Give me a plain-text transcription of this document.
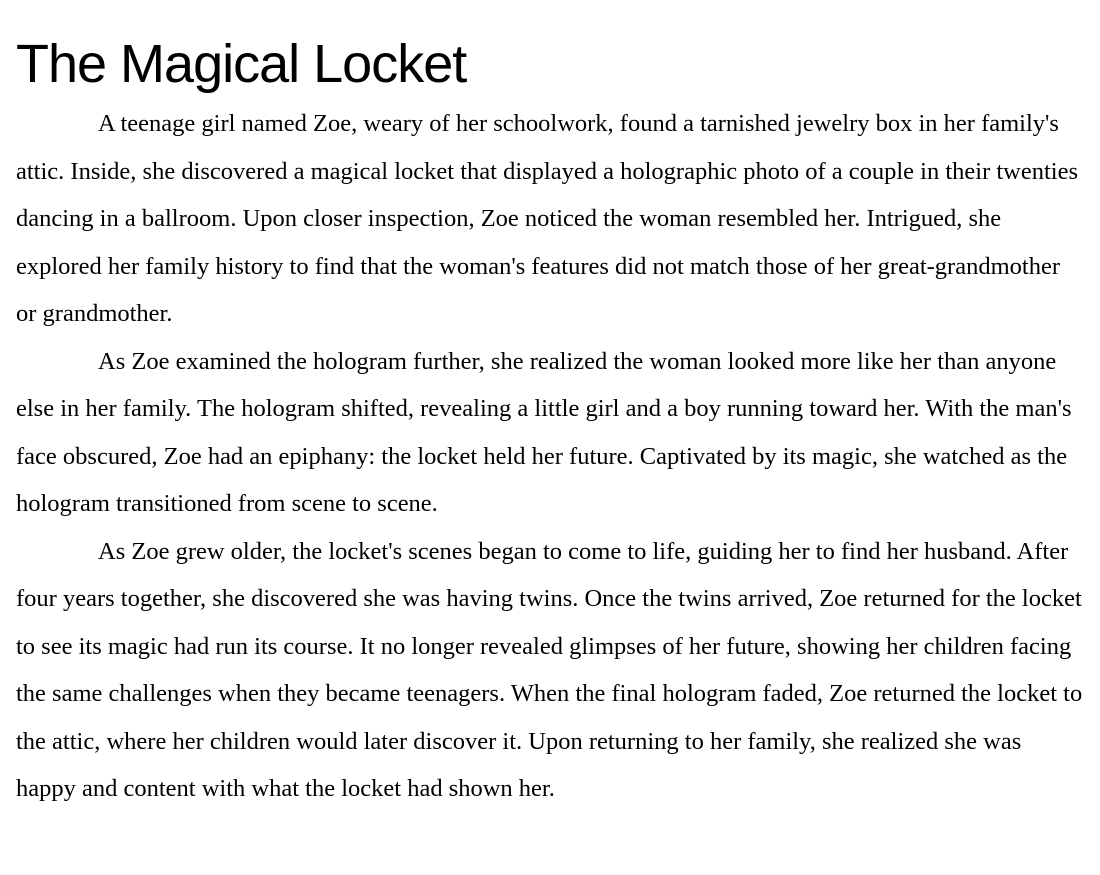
The Magical Locket

A teenage girl named Zoe, weary of her schoolwork, found a tarnished jewelry box in her family's attic. Inside, she discovered a magical locket that displayed a holographic photo of a couple in their twenties dancing in a ballroom. Upon closer inspection, Zoe noticed the woman resembled her. Intrigued, she explored her family history to find that the woman's features did not match those of her great-grandmother or grandmother.

As Zoe examined the hologram further, she realized the woman looked more like her than anyone else in her family. The hologram shifted, revealing a little girl and a boy running toward her. With the man's face obscured, Zoe had an epiphany: the locket held her future. Captivated by its magic, she watched as the hologram transitioned from scene to scene.

As Zoe grew older, the locket's scenes began to come to life, guiding her to find her husband. After four years together, she discovered she was having twins. Once the twins arrived, Zoe returned for the locket to see its magic had run its course. It no longer revealed glimpses of her future, showing her children facing the same challenges when they became teenagers. When the final hologram faded, Zoe returned the locket to the attic, where her children would later discover it. Upon returning to her family, she realized she was happy and content with what the locket had shown her.
